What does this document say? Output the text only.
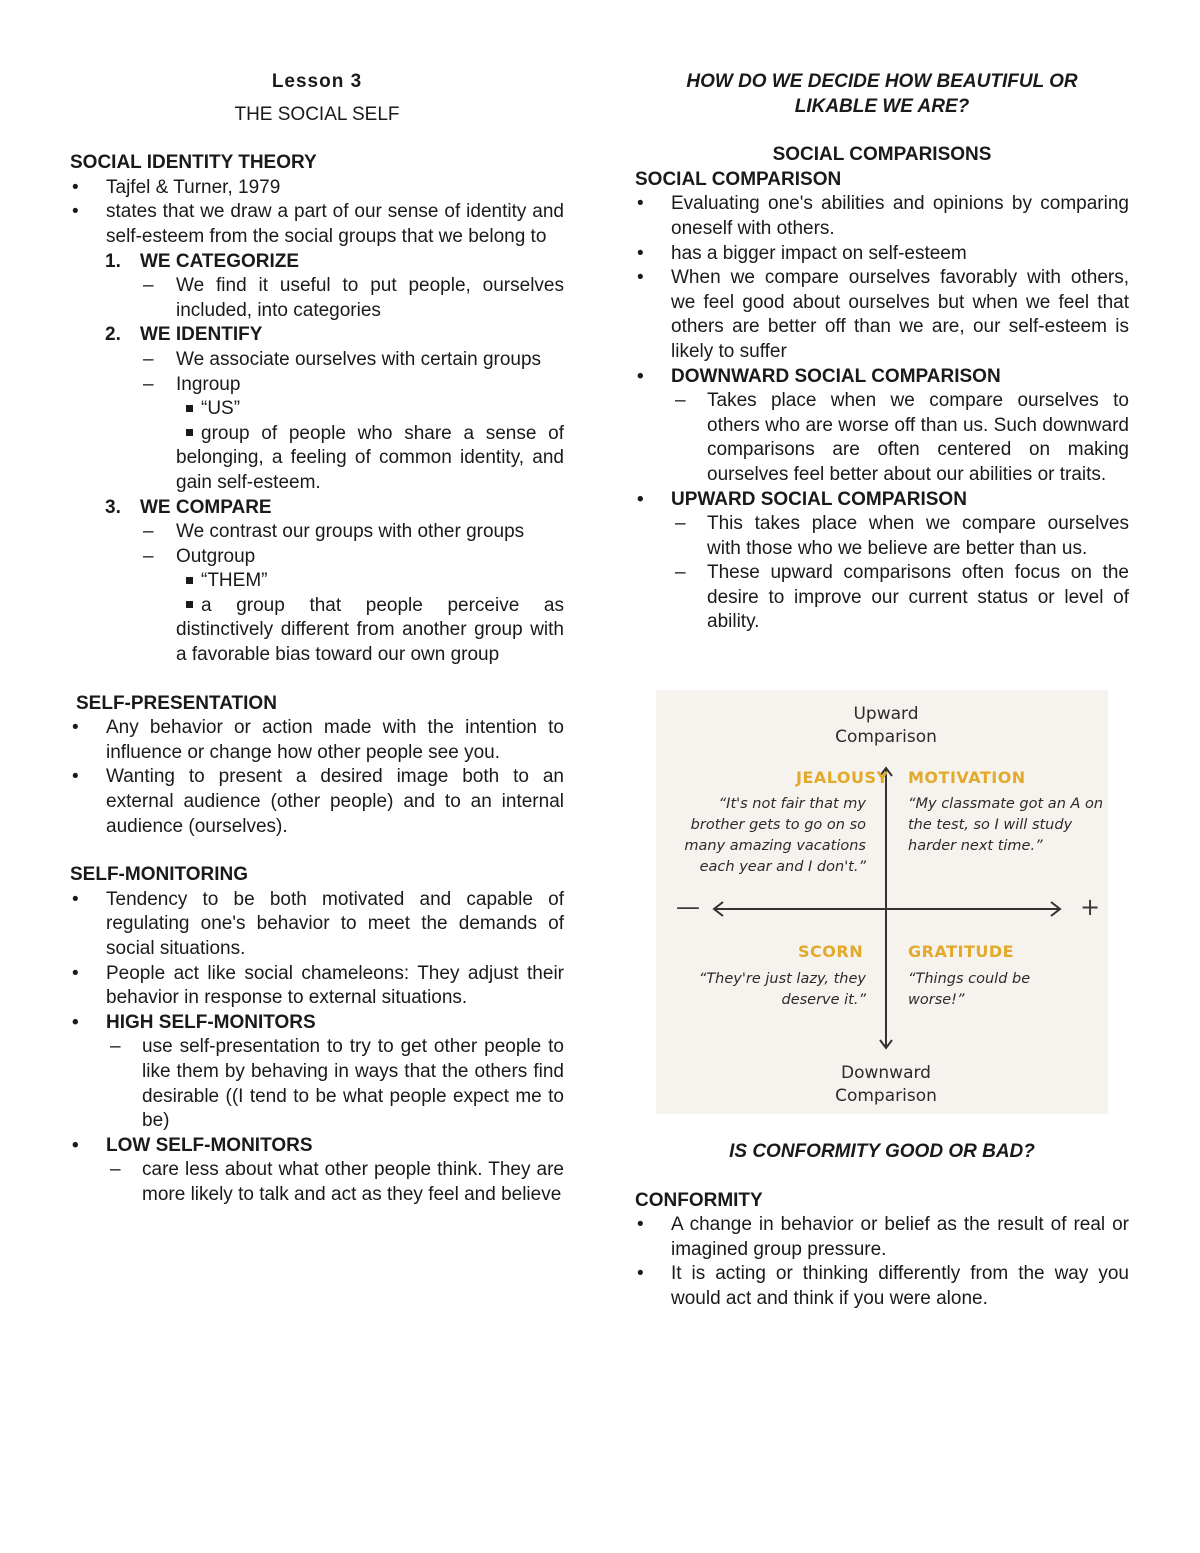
Lesson 3
THE SOCIAL SELF
SOCIAL IDENTITY THEORY
• Tajfel & Turner, 1979
• states that we draw a part of our sense of identity and self-esteem from the social groups that we belong to
1. WE CATEGORIZE
– We find it useful to put people, ourselves included, into categories
2. WE IDENTIFY
– We associate ourselves with certain groups
– Ingroup
“US”
group of people who share a sense of belonging, a feeling of common identity, and gain self-esteem.
3. WE COMPARE
– We contrast our groups with other groups
– Outgroup
“THEM”
a group that people perceive as distinctively different from another group with a favorable bias toward our own group
SELF-PRESENTATION
• Any behavior or action made with the intention to influence or change how other people see you.
• Wanting to present a desired image both to an external audience (other people) and to an internal audience (ourselves).
SELF-MONITORING
• Tendency to be both motivated and capable of regulating one's behavior to meet the demands of social situations.
• People act like social chameleons: They adjust their behavior in response to external situations.
• HIGH SELF-MONITORS
– use self-presentation to try to get other people to like them by behaving in ways that the others find desirable ((I tend to be what people expect me to be)
• LOW SELF-MONITORS
– care less about what other people think. They are more likely to talk and act as they feel and believe
HOW DO WE DECIDE HOW BEAUTIFUL OR LIKABLE WE ARE?
SOCIAL COMPARISONS
SOCIAL COMPARISON
• Evaluating one's abilities and opinions by comparing oneself with others.
• has a bigger impact on self-esteem
• When we compare ourselves favorably with others, we feel good about ourselves but when we feel that others are better off than we are, our self-esteem is likely to suffer
• DOWNWARD SOCIAL COMPARISON
– Takes place when we compare ourselves to others who are worse off than us. Such downward comparisons are often centered on making ourselves feel better about our abilities or traits.
• UPWARD SOCIAL COMPARISON
– This takes place when we compare ourselves with those who we believe are better than us.
– These upward comparisons often focus on the desire to improve our current status or level of ability.
Upward
Comparison
Downward
Comparison
—	+
JEALOUSY
“It's not fair that my brother gets to go on so many amazing vacations each year and I don't.”
MOTIVATION
“My classmate got an A on the test, so I will study harder next time.”
SCORN
“They're just lazy, they deserve it.”
GRATITUDE
“Things could be worse!”
IS CONFORMITY GOOD OR BAD?
CONFORMITY
• A change in behavior or belief as the result of real or imagined group pressure.
• It is acting or thinking differently from the way you would act and think if you were alone.
